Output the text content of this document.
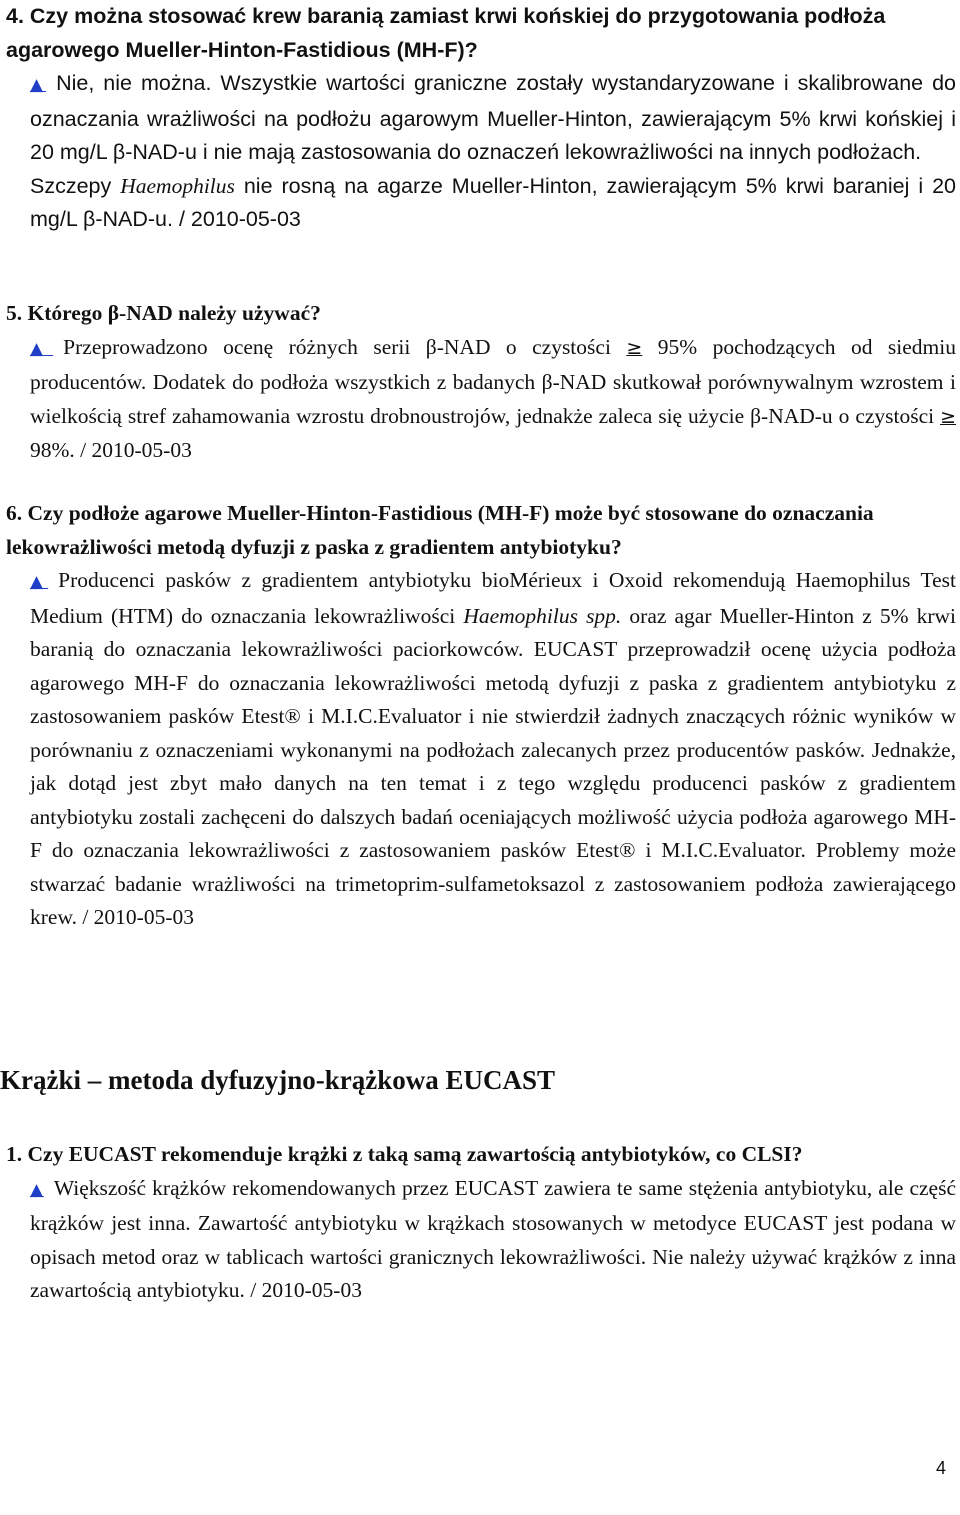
4. Czy można stosować krew baranią zamiast krwi końskiej do przygotowania podłoża agarowego Mueller-Hinton-Fastidious (MH-F)?

▲ Nie, nie można. Wszystkie wartości graniczne zostały wystandaryzowane i skalibrowane do oznaczania wrażliwości na podłożu agarowym Mueller-Hinton, zawierającym 5% krwi końskiej i 20 mg/L β-NAD-u i nie mają zastosowania do oznaczeń lekowrażliwości na innych podłożach.

Szczepy Haemophilus nie rosną na agarze Mueller-Hinton, zawierającym 5% krwi baraniej i 20 mg/L β-NAD-u. / 2010-05-03

5. Którego β-NAD należy używać?

▲ Przeprowadzono ocenę różnych serii β-NAD o czystości ≥ 95% pochodzących od siedmiu producentów. Dodatek do podłoża wszystkich z badanych β-NAD skutkował porównywalnym wzrostem i wielkością stref zahamowania wzrostu drobnoustrojów, jednakże zaleca się użycie β-NAD-u o czystości ≥ 98%. / 2010-05-03

6. Czy podłoże agarowe Mueller-Hinton-Fastidious (MH-F) może być stosowane do oznaczania lekowrażliwości metodą dyfuzji z paska z gradientem antybiotyku?

▲ Producenci pasków z gradientem antybiotyku bioMérieux i Oxoid rekomendują Haemophilus Test Medium (HTM) do oznaczania lekowrażliwości Haemophilus spp. oraz agar Mueller-Hinton z 5% krwi baranią do oznaczania lekowrażliwości paciorkowców. EUCAST przeprowadził ocenę użycia podłoża agarowego MH-F do oznaczania lekowrażliwości metodą dyfuzji z paska z gradientem antybiotyku z zastosowaniem pasków Etest® i M.I.C.Evaluator i nie stwierdził żadnych znaczących różnic wyników w porównaniu z oznaczeniami wykonanymi na podłożach zalecanych przez producentów pasków. Jednakże, jak dotąd jest zbyt mało danych na ten temat i z tego względu producenci pasków z gradientem antybiotyku zostali zachęceni do dalszych badań oceniających możliwość użycia podłoża agarowego MH-F do oznaczania lekowrażliwości z zastosowaniem pasków Etest® i M.I.C.Evaluator. Problemy może stwarzać badanie wrażliwości na trimetoprim-sulfametoksazol z zastosowaniem podłoża zawierającego krew. / 2010-05-03

Krążki – metoda dyfuzyjno-krążkowa EUCAST

1. Czy EUCAST rekomenduje krążki z taką samą zawartością antybiotyków, co CLSI?

▲ Większość krążków rekomendowanych przez EUCAST zawiera te same stężenia antybiotyku, ale część krążków jest inna. Zawartość antybiotyku w krążkach stosowanych w metodyce EUCAST jest podana w opisach metod oraz w tablicach wartości granicznych lekowrażliwości. Nie należy używać krążków z inna zawartością antybiotyku. / 2010-05-03

4
